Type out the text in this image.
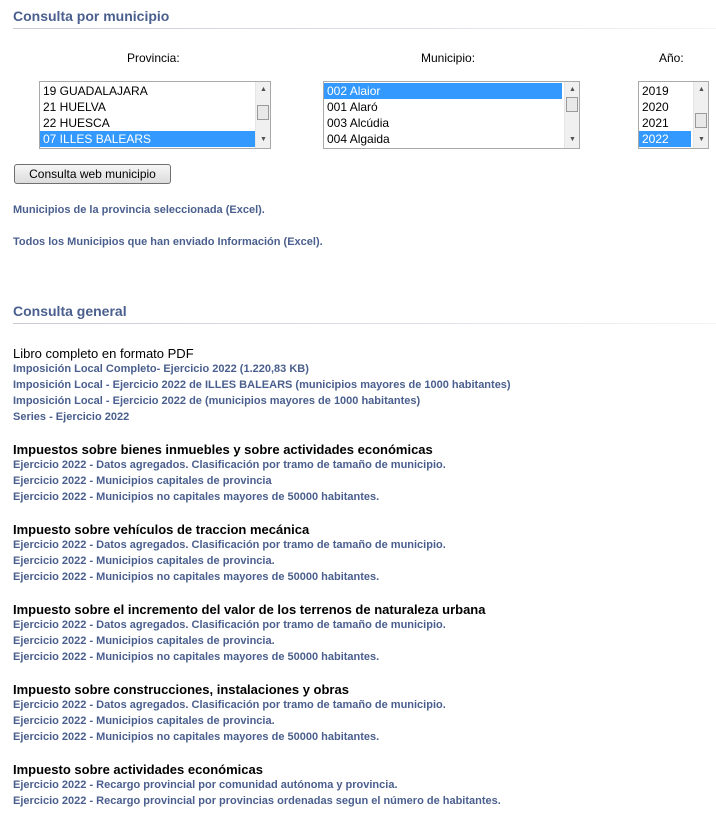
Consulta por municipio
Provincia:	Municipio:	Año:
19 GUADALAJARA
21 HUELVA
22 HUESCA
07 ILLES BALEARS
▲
▼
002 Alaior
001 Alaró
003 Alcúdia
004 Algaida
▲
▼
2019
2020
2021
2022
▲
▼
Consulta web municipio
Municipios de la provincia seleccionada (Excel).
Todos los Municipios que han enviado Información (Excel).
Consulta general
Libro completo en formato PDF
Imposición Local Completo- Ejercicio 2022 (1.220,83 KB)
Imposición Local - Ejercicio 2022 de ILLES BALEARS (municipios mayores de 1000 habitantes)
Imposición Local - Ejercicio 2022 de (municipios mayores de 1000 habitantes)
Series - Ejercicio 2022
Impuestos sobre bienes inmuebles y sobre actividades económicas
Ejercicio 2022 - Datos agregados. Clasificación por tramo de tamaño de municipio.
Ejercicio 2022 - Municipios capitales de provincia
Ejercicio 2022 - Municipios no capitales mayores de 50000 habitantes.
Impuesto sobre vehículos de traccion mecánica
Ejercicio 2022 - Datos agregados. Clasificación por tramo de tamaño de municipio.
Ejercicio 2022 - Municipios capitales de provincia.
Ejercicio 2022 - Municipios no capitales mayores de 50000 habitantes.
Impuesto sobre el incremento del valor de los terrenos de naturaleza urbana
Ejercicio 2022 - Datos agregados. Clasificación por tramo de tamaño de municipio.
Ejercicio 2022 - Municipios capitales de provincia.
Ejercicio 2022 - Municipios no capitales mayores de 50000 habitantes.
Impuesto sobre construcciones, instalaciones y obras
Ejercicio 2022 - Datos agregados. Clasificación por tramo de tamaño de municipio.
Ejercicio 2022 - Municipios capitales de provincia.
Ejercicio 2022 - Municipios no capitales mayores de 50000 habitantes.
Impuesto sobre actividades económicas
Ejercicio 2022 - Recargo provincial por comunidad autónoma y provincia.
Ejercicio 2022 - Recargo provincial por provincias ordenadas segun el número de habitantes.
